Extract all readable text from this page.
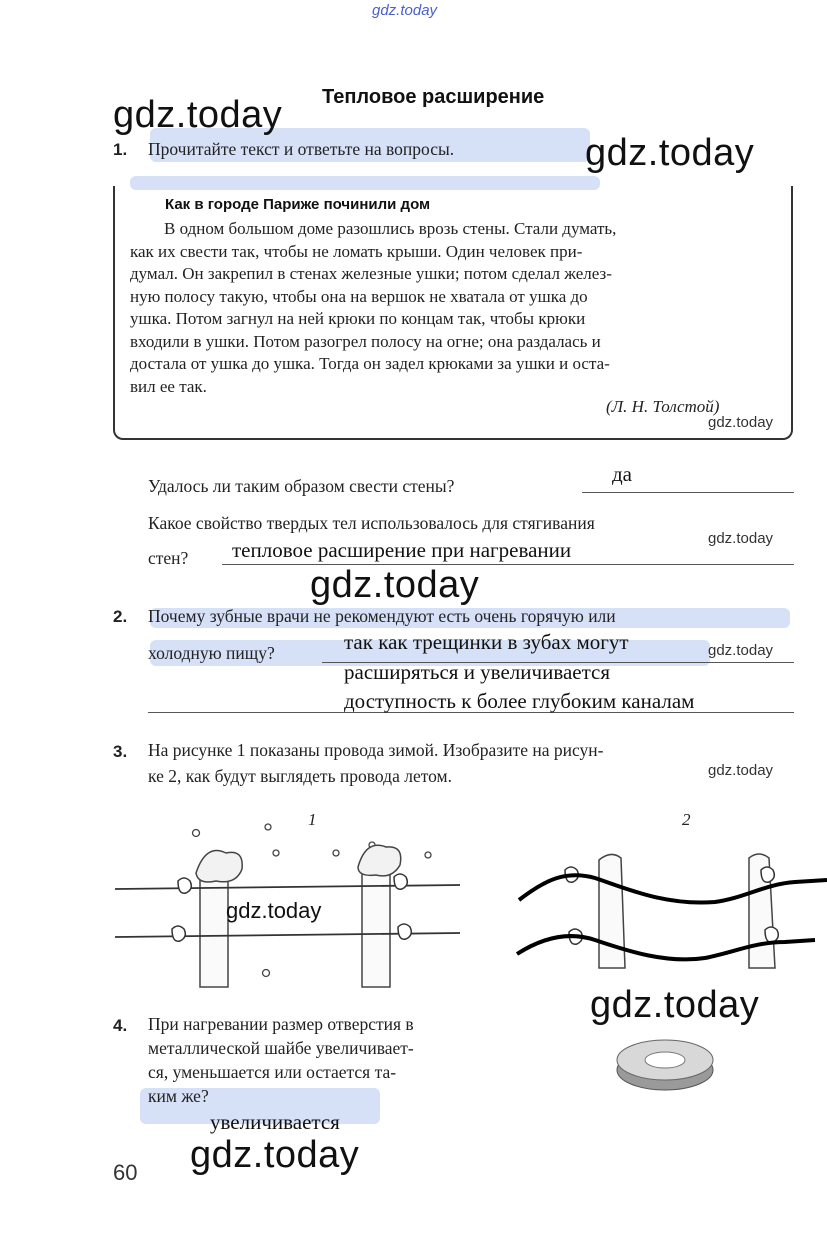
gdz.today
Тепловое расширение
gdz.today
gdz.today
1. Прочитайте текст и ответьте на вопросы.
Как в городе Париже починили дом
В одном большом доме разошлись врозь стены. Стали думать,
как их свести так, чтобы не ломать крыши. Один человек при-
думал. Он закрепил в стенах железные ушки; потом сделал желез-
ную полосу такую, чтобы она на вершок не хватала от ушка до
ушка. Потом загнул на ней крюки по концам так, чтобы крюки
входили в ушки. Потом разогрел полосу на огне; она раздалась и
достала от ушка до ушка. Тогда он задел крюками за ушки и оста-
вил ее так.
(Л. Н. Толстой)
gdz.today
Удалось ли таким образом свести стены?	да
Какое свойство твердых тел использовалось для стягивания
стен? тепловое расширение при нагревании	gdz.today
gdz.today
2. Почему зубные врачи не рекомендуют есть очень горячую или
холодную пищу?	так как трещинки в зубах могут
расширяться и увеличивается
доступность к более глубоким каналам
gdz.today
3. На рисунке 1 показаны провода зимой. Изобразите на рисун-
ке 2, как будут выглядеть провода летом.	gdz.today
1	2
gdz.today
gdz.today
4. При нагревании размер отверстия в
металлической шайбе увеличивает-
ся, уменьшается или остается та-
ким же?
увеличивается
gdz.today
60
